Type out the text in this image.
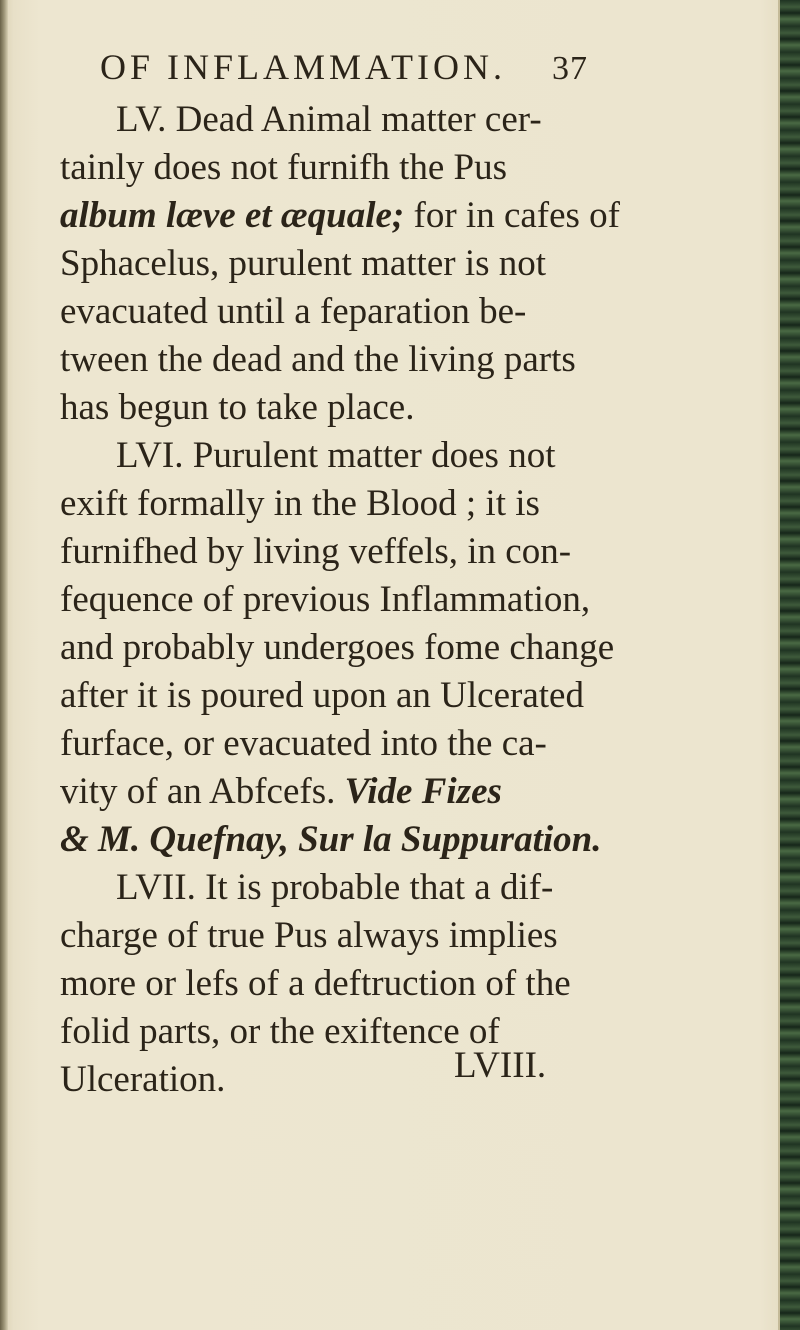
OF INFLAMMATION. 37
LV. Dead Animal matter cer-
tainly does not furnifh the Pus
album læve et æquale; for in cafes of
Sphacelus, purulent matter is not
evacuated until a feparation be-
tween the dead and the living parts
has begun to take place.
LVI. Purulent matter does not
exift formally in the Blood ; it is
furnifhed by living veffels, in con-
fequence of previous Inflammation,
and probably undergoes fome change
after it is poured upon an Ulcerated
furface, or evacuated into the ca-
vity of an Abfcefs. Vide Fizes
& M. Quefnay, Sur la Suppuration.
LVII. It is probable that a dif-
charge of true Pus always implies
more or lefs of a deftruction of the
folid parts, or the exiftence of
Ulceration.	LVIII.
